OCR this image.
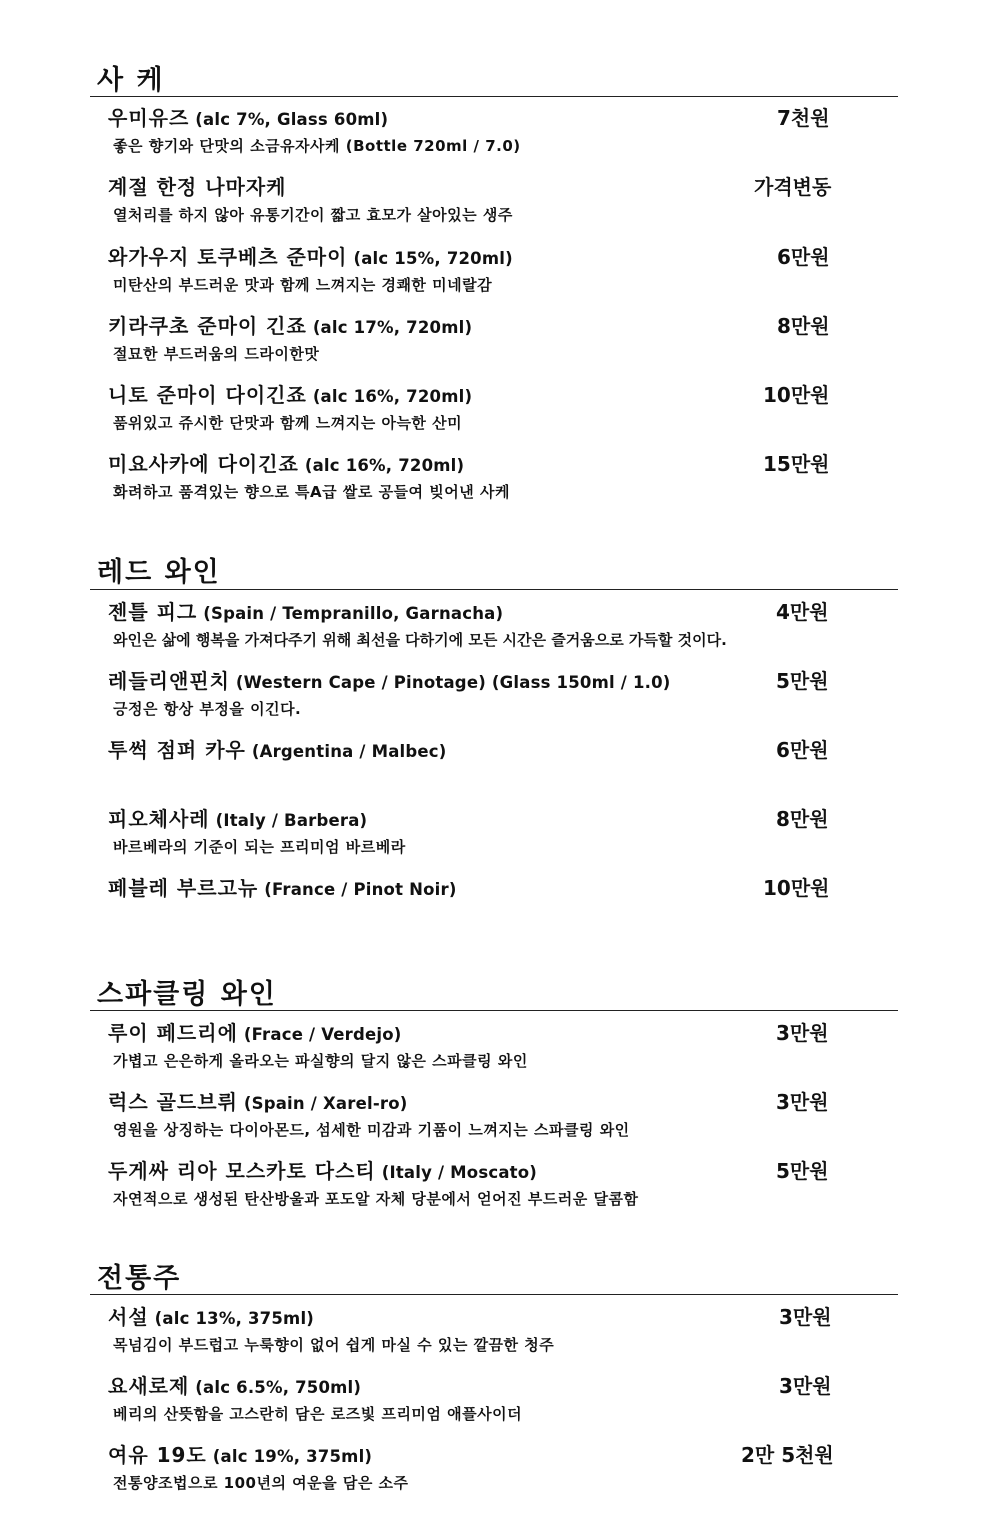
사 케
우미유즈 (alc 7%, Glass 60ml)	7천원
좋은 향기와 단맛의 소금유자사케 (Bottle 720ml / 7.0)
계절 한정 나마자케	가격변동
열처리를 하지 않아 유통기간이 짧고 효모가 살아있는 생주
와가우지 토쿠베츠 준마이 (alc 15%, 720ml)	6만원
미탄산의 부드러운 맛과 함께 느껴지는 경쾌한 미네랄감
키라쿠초 준마이 긴죠 (alc 17%, 720ml)	8만원
절묘한 부드러움의 드라이한맛
니토 준마이 다이긴죠 (alc 16%, 720ml)	10만원
품위있고 쥬시한 단맛과 함께 느껴지는 아늑한 산미
미요사카에 다이긴죠 (alc 16%, 720ml)	15만원
화려하고 품격있는 향으로 특A급 쌀로 공들여 빚어낸 사케
레드 와인
젠틀 피그 (Spain / Tempranillo, Garnacha)	4만원
와인은 삶에 행복을 가져다주기 위해 최선을 다하기에 모든 시간은 즐거움으로 가득할 것이다.
레들리앤핀치 (Western Cape / Pinotage) (Glass 150ml / 1.0)	5만원
긍정은 항상 부정을 이긴다.
투썩 점퍼 카우 (Argentina / Malbec)	6만원
피오체사레 (Italy / Barbera)	8만원
바르베라의 기준이 되는 프리미엄 바르베라
페블레 부르고뉴 (France / Pinot Noir)	10만원
스파클링 와인
루이 페드리에 (Frace / Verdejo)	3만원
가볍고 은은하게 올라오는 파실향의 달지 않은 스파클링 와인
럭스 골드브뤼 (Spain / Xarel-ro)	3만원
영원을 상징하는 다이아몬드, 섬세한 미감과 기품이 느껴지는 스파클링 와인
두게싸 리아 모스카토 다스티 (Italy / Moscato)	5만원
자연적으로 생성된 탄산방울과 포도알 자체 당분에서 얻어진 부드러운 달콤함
전통주
서설 (alc 13%, 375ml)	3만원
목넘김이 부드럽고 누룩향이 없어 쉽게 마실 수 있는 깔끔한 청주
요새로제 (alc 6.5%, 750ml)	3만원
베리의 산뜻함을 고스란히 담은 로즈빛 프리미엄 애플사이더
여유 19도 (alc 19%, 375ml)	2만 5천원
전통양조법으로 100년의 여운을 담은 소주
